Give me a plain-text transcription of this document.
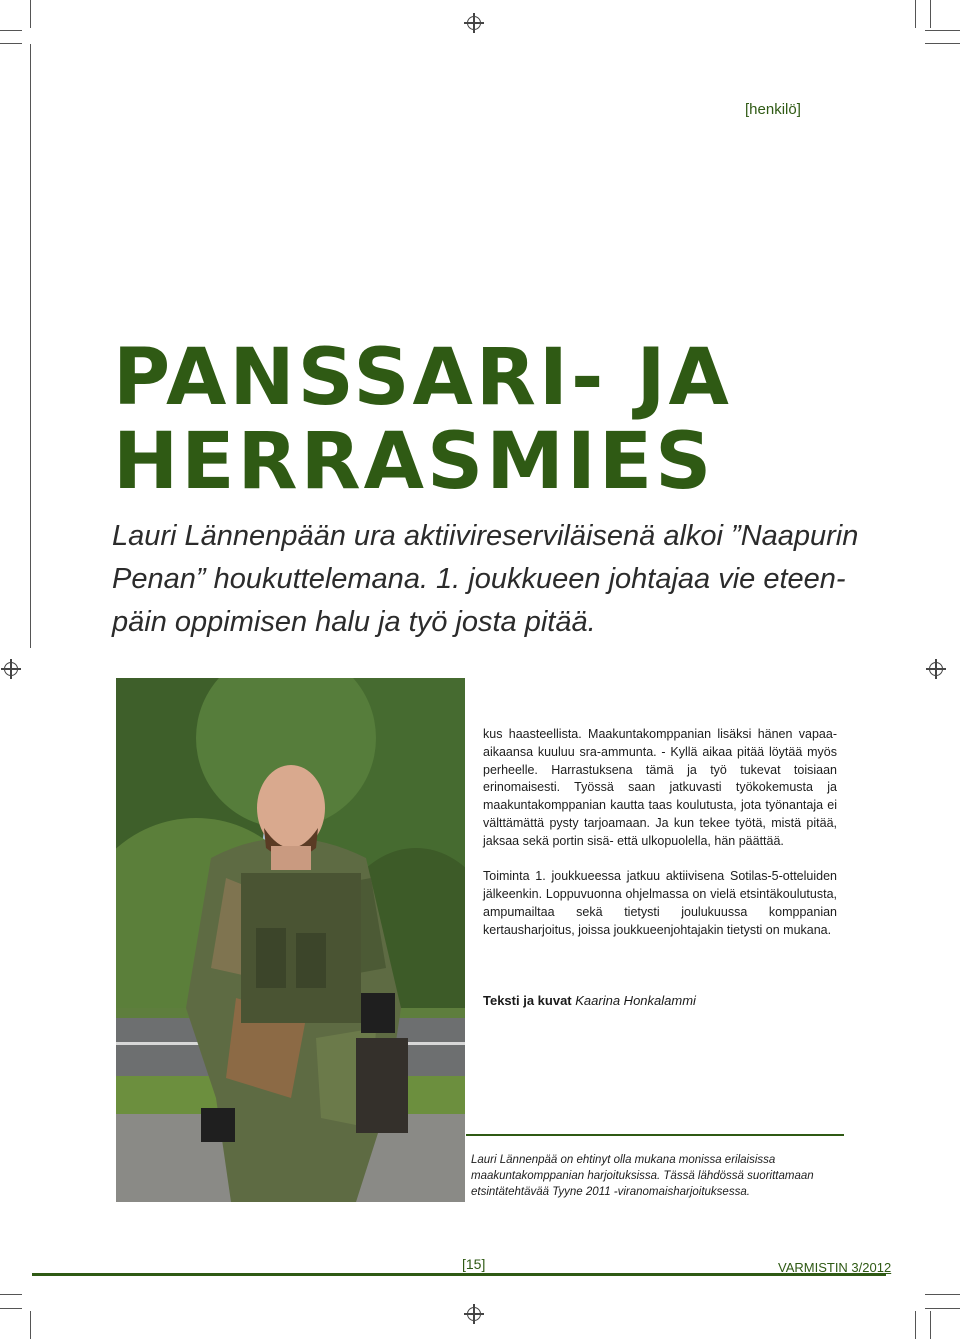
[henkilö]
PANSSARI- JA
HERRASMIES

Lauri Lännenpään ura aktiivireserviläisenä alkoi ”Naapurin
Penan” houkuttelemana. 1. joukkueen johtajaa vie eteen-
päin oppimisen halu ja työ josta pitää.

kus haasteellista. Maakuntakomppanian lisäksi hänen vapaa-aikaansa kuuluu sra-ammunta. - Kyllä aikaa pitää löytää myös perheelle. Harrastuksena tämä ja työ tukevat toisiaan erinomaisesti. Työssä saan jatkuvasti työkokemusta ja maakuntakomppanian kautta taas koulutusta, jota työnantaja ei välttämättä pysty tarjoamaan. Ja kun tekee työtä, mistä pitää, jaksaa sekä portin sisä- että ulkopuolella, hän päättää.

Toiminta 1. joukkueessa jatkuu aktiivisena Sotilas-5-otteluiden jälkeenkin. Loppuvuonna ohjelmassa on vielä etsintäkoulutusta, ampumailtaa sekä tietysti joulukuussa komppanian kertausharjoitus, joissa joukkueenjohtajakin tietysti on mukana.

Teksti ja kuvat Kaarina Honkalammi

Lauri Lännenpää on ehtinyt olla mukana monissa erilaisissa maakuntakomppanian harjoituksissa. Tässä lähdössä suorittamaan etsintätehtävää Tyyne 2011 -viranomaisharjoituksessa.

[15]	VARMISTIN 3/2012
